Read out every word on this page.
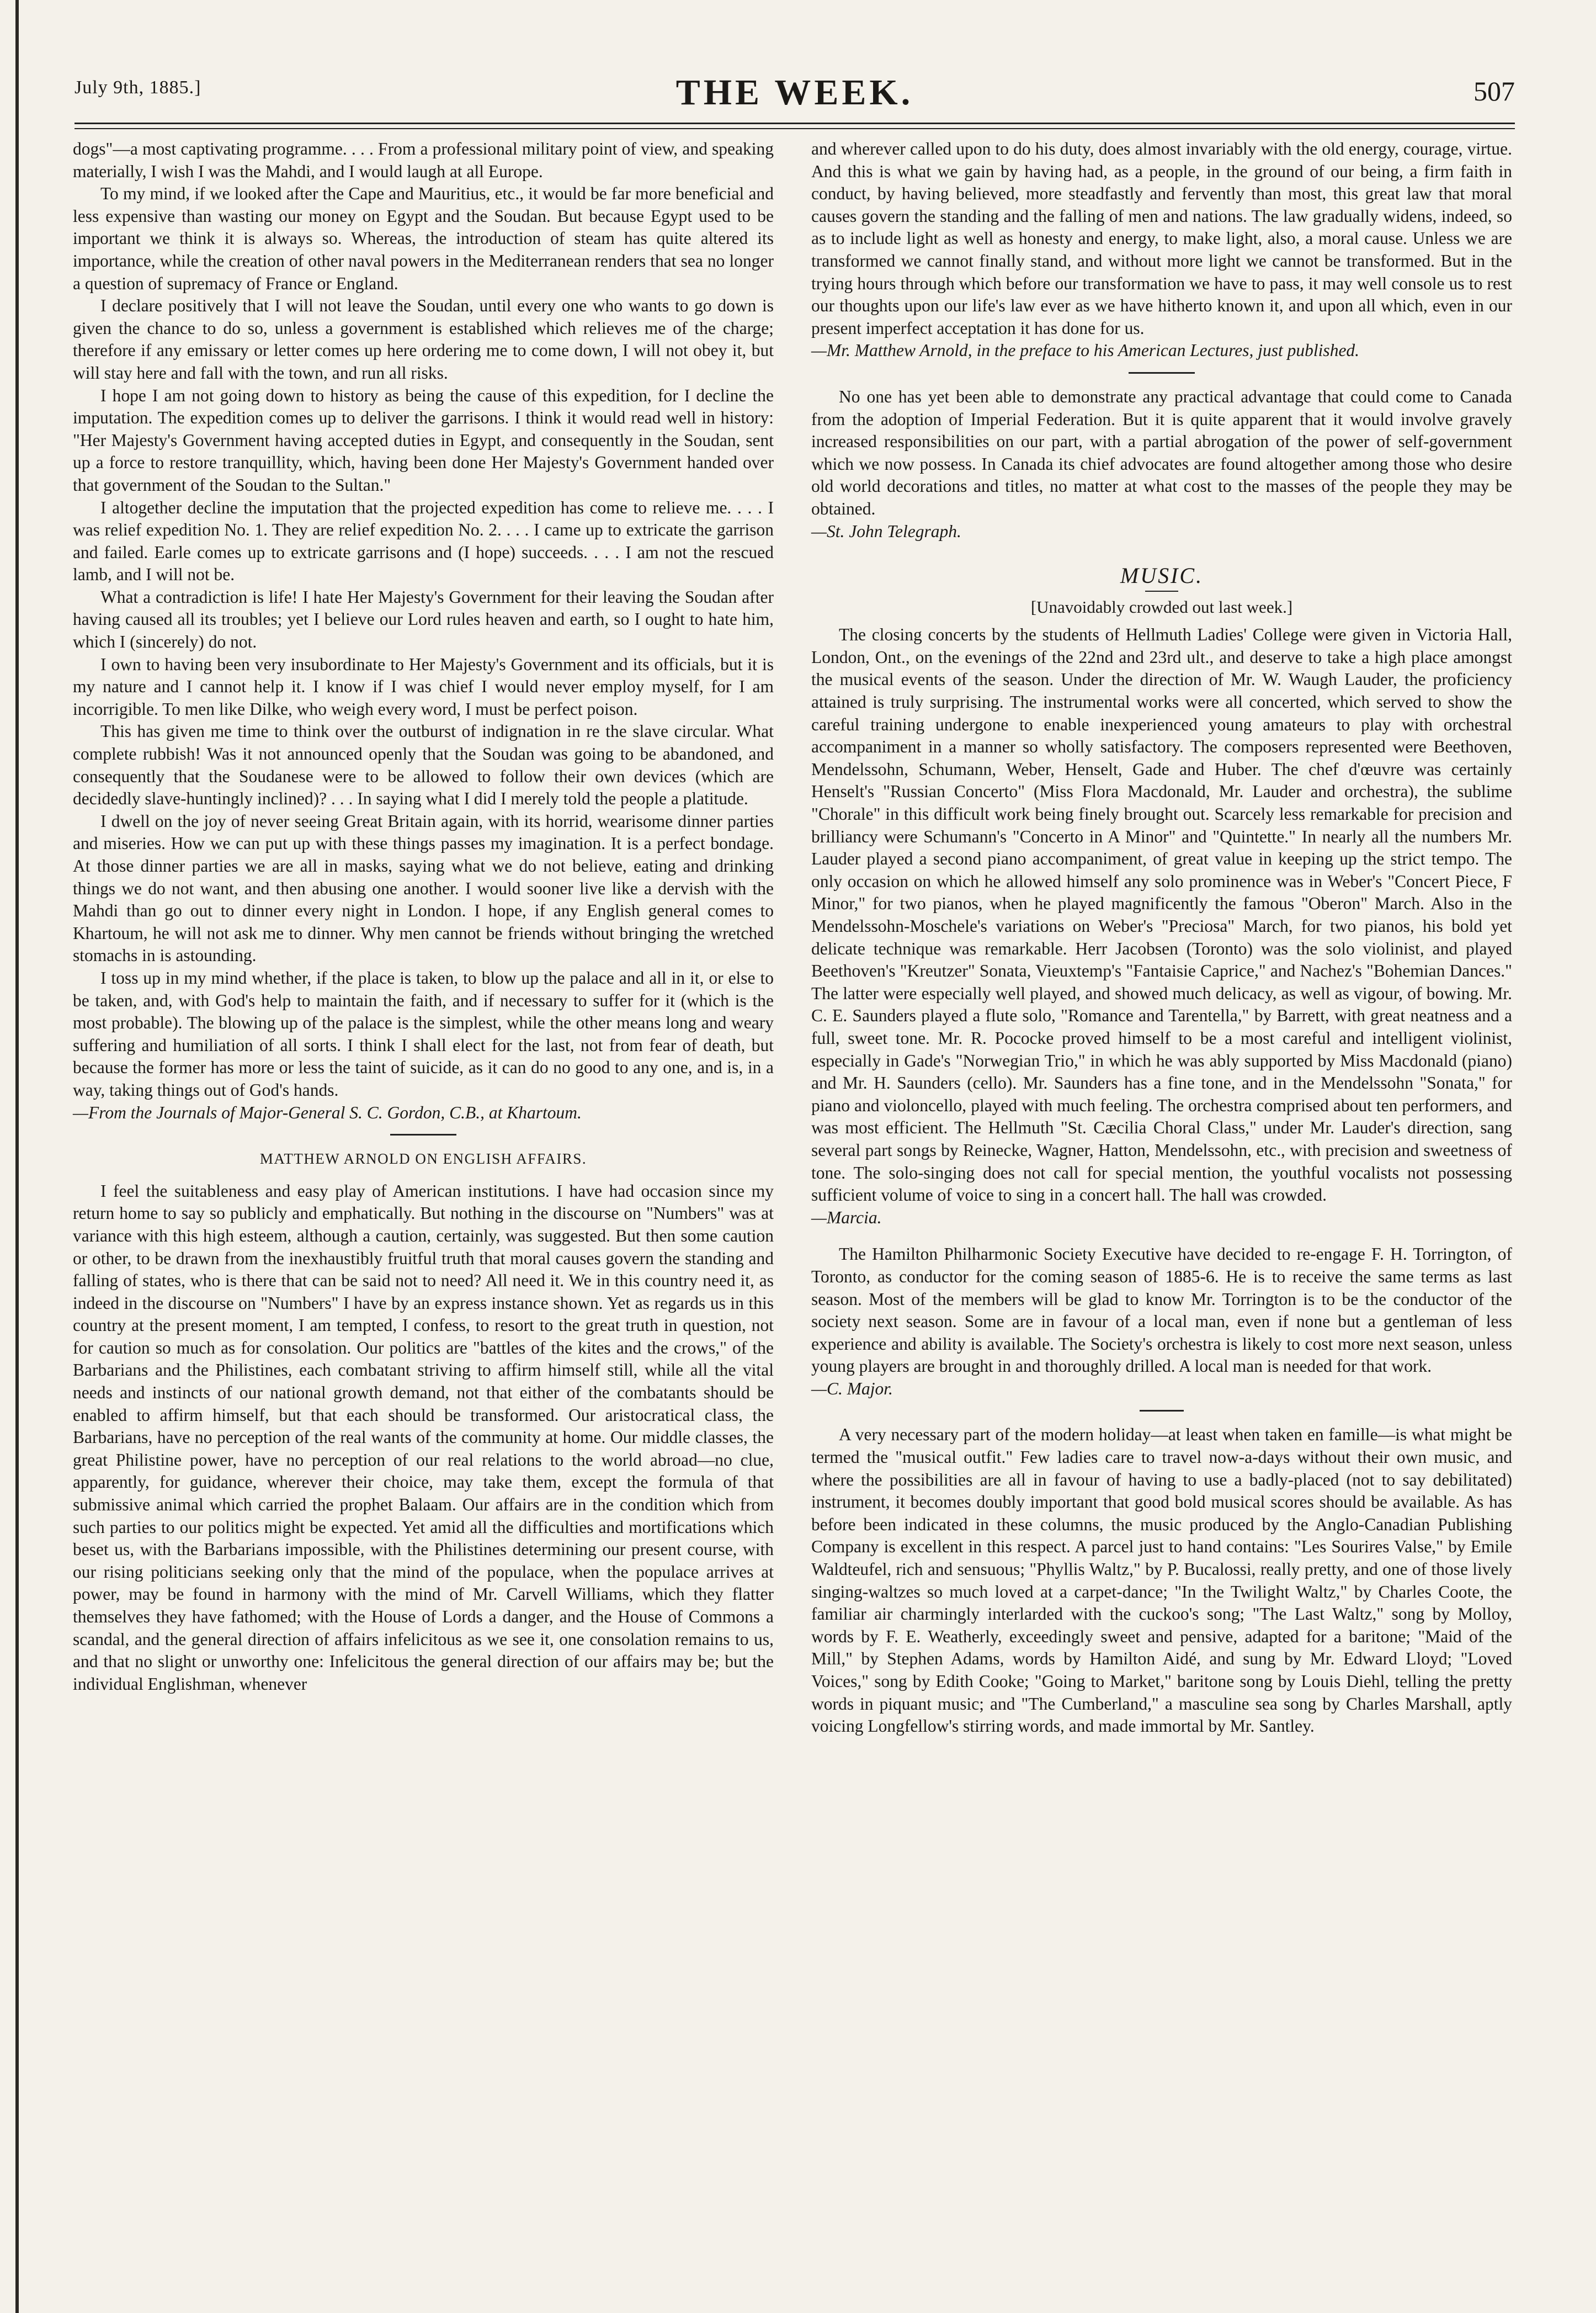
July 9th, 1885.]	THE WEEK.	507

dogs"—a most captivating programme. . . . From a professional military point of view, and speaking materially, I wish I was the Mahdi, and I would laugh at all Europe.

To my mind, if we looked after the Cape and Mauritius, etc., it would be far more beneficial and less expensive than wasting our money on Egypt and the Soudan. But because Egypt used to be important we think it is always so. Whereas, the introduction of steam has quite altered its importance, while the creation of other naval powers in the Mediterranean renders that sea no longer a question of supremacy of France or England.

I declare positively that I will not leave the Soudan, until every one who wants to go down is given the chance to do so, unless a government is established which relieves me of the charge; therefore if any emissary or letter comes up here ordering me to come down, I will not obey it, but will stay here and fall with the town, and run all risks.

I hope I am not going down to history as being the cause of this expedition, for I decline the imputation. The expedition comes up to deliver the garrisons. I think it would read well in history: "Her Majesty's Government having accepted duties in Egypt, and consequently in the Soudan, sent up a force to restore tranquillity, which, having been done Her Majesty's Government handed over that government of the Soudan to the Sultan."

I altogether decline the imputation that the projected expedition has come to relieve me. . . . I was relief expedition No. 1. They are relief expedition No. 2. . . . I came up to extricate the garrison and failed. Earle comes up to extricate garrisons and (I hope) succeeds. . . . I am not the rescued lamb, and I will not be.

What a contradiction is life! I hate Her Majesty's Government for their leaving the Soudan after having caused all its troubles; yet I believe our Lord rules heaven and earth, so I ought to hate him, which I (sincerely) do not.

I own to having been very insubordinate to Her Majesty's Government and its officials, but it is my nature and I cannot help it. I know if I was chief I would never employ myself, for I am incorrigible. To men like Dilke, who weigh every word, I must be perfect poison.

This has given me time to think over the outburst of indignation in re the slave circular. What complete rubbish! Was it not announced openly that the Soudan was going to be abandoned, and consequently that the Soudanese were to be allowed to follow their own devices (which are decidedly slave-huntingly inclined)? . . . In saying what I did I merely told the people a platitude.

I dwell on the joy of never seeing Great Britain again, with its horrid, wearisome dinner parties and miseries. How we can put up with these things passes my imagination. It is a perfect bondage. At those dinner parties we are all in masks, saying what we do not believe, eating and drinking things we do not want, and then abusing one another. I would sooner live like a dervish with the Mahdi than go out to dinner every night in London. I hope, if any English general comes to Khartoum, he will not ask me to dinner. Why men cannot be friends without bringing the wretched stomachs in is astounding.

I toss up in my mind whether, if the place is taken, to blow up the palace and all in it, or else to be taken, and, with God's help to maintain the faith, and if necessary to suffer for it (which is the most probable). The blowing up of the palace is the simplest, while the other means long and weary suffering and humiliation of all sorts. I think I shall elect for the last, not from fear of death, but because the former has more or less the taint of suicide, as it can do no good to any one, and is, in a way, taking things out of God's hands.

—From the Journals of Major-General S. C. Gordon, C.B., at Khartoum.

MATTHEW ARNOLD ON ENGLISH AFFAIRS.

I feel the suitableness and easy play of American institutions. I have had occasion since my return home to say so publicly and emphatically. But nothing in the discourse on "Numbers" was at variance with this high esteem, although a caution, certainly, was suggested. But then some caution or other, to be drawn from the inexhaustibly fruitful truth that moral causes govern the standing and falling of states, who is there that can be said not to need? All need it. We in this country need it, as indeed in the discourse on "Numbers" I have by an express instance shown. Yet as regards us in this country at the present moment, I am tempted, I confess, to resort to the great truth in question, not for caution so much as for consolation. Our politics are "battles of the kites and the crows," of the Barbarians and the Philistines, each combatant striving to affirm himself still, while all the vital needs and instincts of our national growth demand, not that either of the combatants should be enabled to affirm himself, but that each should be transformed. Our aristocratical class, the Barbarians, have no perception of the real wants of the community at home. Our middle classes, the great Philistine power, have no perception of our real relations to the world abroad—no clue, apparently, for guidance, wherever their choice, may take them, except the formula of that submissive animal which carried the prophet Balaam. Our affairs are in the condition which from such parties to our politics might be expected. Yet amid all the difficulties and mortifications which beset us, with the Barbarians impossible, with the Philistines determining our present course, with our rising politicians seeking only that the mind of the populace, when the populace arrives at power, may be found in harmony with the mind of Mr. Carvell Williams, which they flatter themselves they have fathomed; with the House of Lords a danger, and the House of Commons a scandal, and the general direction of affairs infelicitous as we see it, one consolation remains to us, and that no slight or unworthy one: Infelicitous the general direction of our affairs may be; but the individual Englishman, whenever

and wherever called upon to do his duty, does almost invariably with the old energy, courage, virtue. And this is what we gain by having had, as a people, in the ground of our being, a firm faith in conduct, by having believed, more steadfastly and fervently than most, this great law that moral causes govern the standing and the falling of men and nations. The law gradually widens, indeed, so as to include light as well as honesty and energy, to make light, also, a moral cause. Unless we are transformed we cannot finally stand, and without more light we cannot be transformed. But in the trying hours through which before our transformation we have to pass, it may well console us to rest our thoughts upon our life's law ever as we have hitherto known it, and upon all which, even in our present imperfect acceptation it has done for us.

—Mr. Matthew Arnold, in the preface to his American Lectures, just published.

No one has yet been able to demonstrate any practical advantage that could come to Canada from the adoption of Imperial Federation. But it is quite apparent that it would involve gravely increased responsibilities on our part, with a partial abrogation of the power of self-government which we now possess. In Canada its chief advocates are found altogether among those who desire old world decorations and titles, no matter at what cost to the masses of the people they may be obtained.

—St. John Telegraph.

MUSIC.
[Unavoidably crowded out last week.]

The closing concerts by the students of Hellmuth Ladies' College were given in Victoria Hall, London, Ont., on the evenings of the 22nd and 23rd ult., and deserve to take a high place amongst the musical events of the season. Under the direction of Mr. W. Waugh Lauder, the proficiency attained is truly surprising. The instrumental works were all concerted, which served to show the careful training undergone to enable inexperienced young amateurs to play with orchestral accompaniment in a manner so wholly satisfactory. The composers represented were Beethoven, Mendelssohn, Schumann, Weber, Henselt, Gade and Huber. The chef d'œuvre was certainly Henselt's "Russian Concerto" (Miss Flora Macdonald, Mr. Lauder and orchestra), the sublime "Chorale" in this difficult work being finely brought out. Scarcely less remarkable for precision and brilliancy were Schumann's "Concerto in A Minor" and "Quintette." In nearly all the numbers Mr. Lauder played a second piano accompaniment, of great value in keeping up the strict tempo. The only occasion on which he allowed himself any solo prominence was in Weber's "Concert Piece, F Minor," for two pianos, when he played magnificently the famous "Oberon" March. Also in the Mendelssohn-Moschele's variations on Weber's "Preciosa" March, for two pianos, his bold yet delicate technique was remarkable. Herr Jacobsen (Toronto) was the solo violinist, and played Beethoven's "Kreutzer" Sonata, Vieuxtemp's "Fantaisie Caprice," and Nachez's "Bohemian Dances." The latter were especially well played, and showed much delicacy, as well as vigour, of bowing. Mr. C. E. Saunders played a flute solo, "Romance and Tarentella," by Barrett, with great neatness and a full, sweet tone. Mr. R. Pococke proved himself to be a most careful and intelligent violinist, especially in Gade's "Norwegian Trio," in which he was ably supported by Miss Macdonald (piano) and Mr. H. Saunders (cello). Mr. Saunders has a fine tone, and in the Mendelssohn "Sonata," for piano and violoncello, played with much feeling. The orchestra comprised about ten performers, and was most efficient. The Hellmuth "St. Cæcilia Choral Class," under Mr. Lauder's direction, sang several part songs by Reinecke, Wagner, Hatton, Mendelssohn, etc., with precision and sweetness of tone. The solo-singing does not call for special mention, the youthful vocalists not possessing sufficient volume of voice to sing in a concert hall. The hall was crowded.

—Marcia.

The Hamilton Philharmonic Society Executive have decided to re-engage F. H. Torrington, of Toronto, as conductor for the coming season of 1885-6. He is to receive the same terms as last season. Most of the members will be glad to know Mr. Torrington is to be the conductor of the society next season. Some are in favour of a local man, even if none but a gentleman of less experience and ability is available. The Society's orchestra is likely to cost more next season, unless young players are brought in and thoroughly drilled. A local man is needed for that work.

—C. Major.

A very necessary part of the modern holiday—at least when taken en famille—is what might be termed the "musical outfit." Few ladies care to travel now-a-days without their own music, and where the possibilities are all in favour of having to use a badly-placed (not to say debilitated) instrument, it becomes doubly important that good bold musical scores should be available. As has before been indicated in these columns, the music produced by the Anglo-Canadian Publishing Company is excellent in this respect. A parcel just to hand contains: "Les Sourires Valse," by Emile Waldteufel, rich and sensuous; "Phyllis Waltz," by P. Bucalossi, really pretty, and one of those lively singing-waltzes so much loved at a carpet-dance; "In the Twilight Waltz," by Charles Coote, the familiar air charmingly interlarded with the cuckoo's song; "The Last Waltz," song by Molloy, words by F. E. Weatherly, exceedingly sweet and pensive, adapted for a baritone; "Maid of the Mill," by Stephen Adams, words by Hamilton Aidé, and sung by Mr. Edward Lloyd; "Loved Voices," song by Edith Cooke; "Going to Market," baritone song by Louis Diehl, telling the pretty words in piquant music; and "The Cumberland," a masculine sea song by Charles Marshall, aptly voicing Longfellow's stirring words, and made immortal by Mr. Santley.
